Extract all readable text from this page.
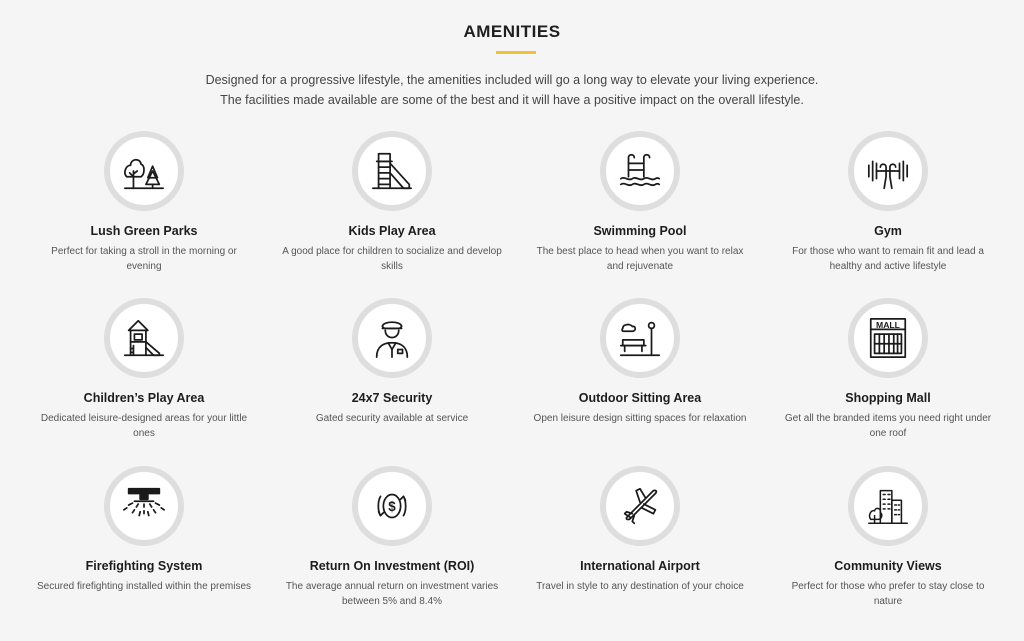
AMENITIES

Designed for a progressive lifestyle, the amenities included will go a long way to elevate your living experience.

The facilities made available are some of the best and it will have a positive impact on the overall lifestyle.

Lush Green Parks
Perfect for taking a stroll in the morning or evening
Kids Play Area
A good place for children to socialize and develop skills
Swimming Pool
The best place to head when you want to relax and rejuvenate
Gym
For those who want to remain fit and lead a healthy and active lifestyle
Children’s Play Area
Dedicated leisure-designed areas for your little ones
24x7 Security
Gated security available at service
Outdoor Sitting Area
Open leisure design sitting spaces for relaxation
MALL
Shopping Mall
Get all the branded items you need right under one roof
Firefighting System
Secured firefighting installed within the premises
$
Return On Investment (ROI)
The average annual return on investment varies between 5% and 8.4%
International Airport
Travel in style to any destination of your choice
Community Views
Perfect for those who prefer to stay close to nature
